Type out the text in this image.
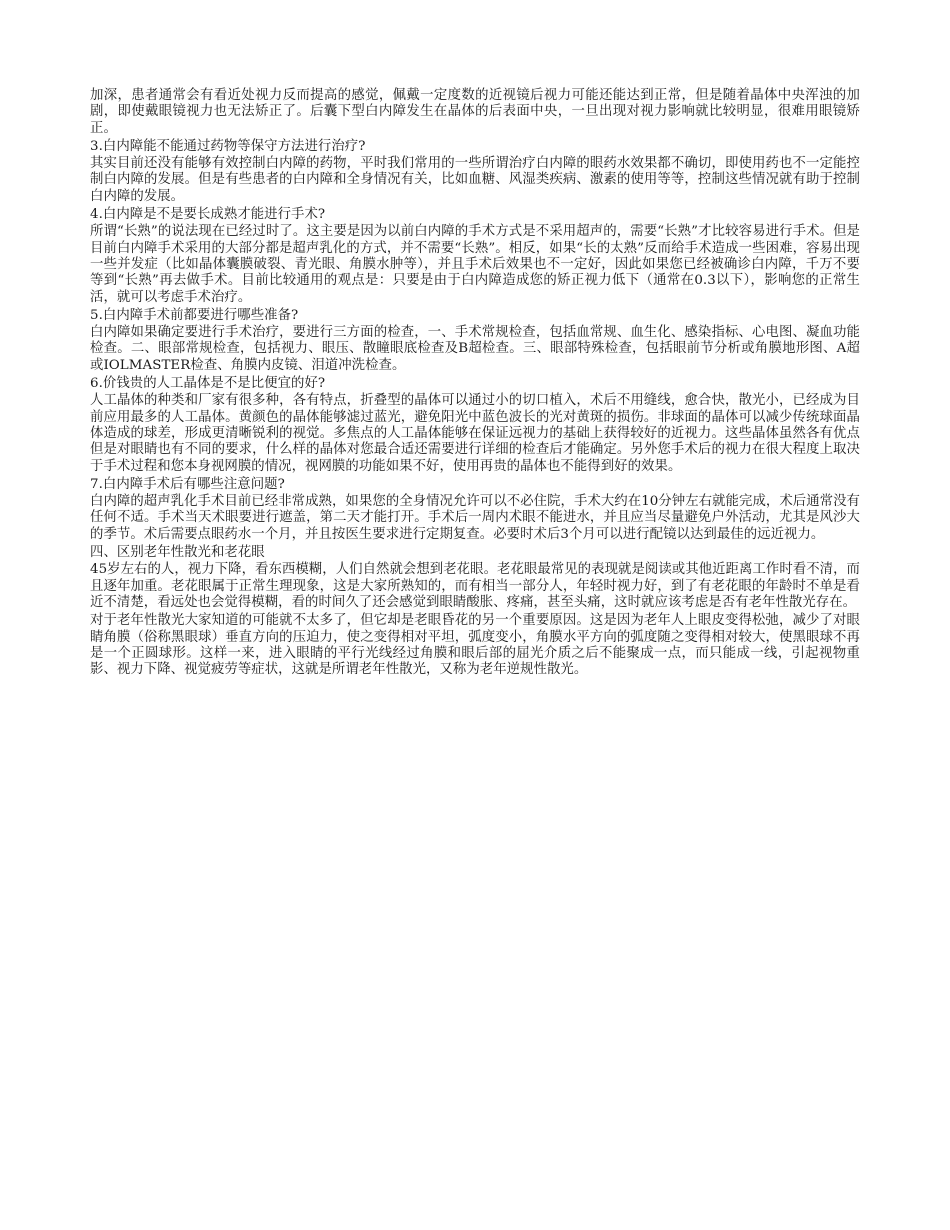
加深，患者通常会有看近处视力反而提高的感觉，佩戴一定度数的近视镜后视力可能还能达到正常，但是随着晶体中央浑浊的加剧，即使戴眼镜视力也无法矫正了。后囊下型白内障发生在晶体的后表面中央，一旦出现对视力影响就比较明显，很难用眼镜矫正。

3.白内障能不能通过药物等保守方法进行治疗?

其实目前还没有能够有效控制白内障的药物，平时我们常用的一些所谓治疗白内障的眼药水效果都不确切，即使用药也不一定能控制白内障的发展。但是有些患者的白内障和全身情况有关，比如血糖、风湿类疾病、激素的使用等等，控制这些情况就有助于控制白内障的发展。

4.白内障是不是要长成熟才能进行手术?

所谓“长熟”的说法现在已经过时了。这主要是因为以前白内障的手术方式是不采用超声的，需要“长熟”才比较容易进行手术。但是目前白内障手术采用的大部分都是超声乳化的方式，并不需要“长熟”。相反，如果“长的太熟”反而给手术造成一些困难，容易出现一些并发症（比如晶体囊膜破裂、青光眼、角膜水肿等），并且手术后效果也不一定好，因此如果您已经被确诊白内障，千万不要等到“长熟”再去做手术。目前比较通用的观点是：只要是由于白内障造成您的矫正视力低下（通常在0.3以下），影响您的正常生活，就可以考虑手术治疗。

5.白内障手术前都要进行哪些准备?

白内障如果确定要进行手术治疗，要进行三方面的检查，一、手术常规检查，包括血常规、血生化、感染指标、心电图、凝血功能检查。二、眼部常规检查，包括视力、眼压、散瞳眼底检查及B超检查。三、眼部特殊检查，包括眼前节分析或角膜地形图、A超或IOLMASTER检查、角膜内皮镜、泪道冲洗检查。

6.价钱贵的人工晶体是不是比便宜的好?

人工晶体的种类和厂家有很多种，各有特点，折叠型的晶体可以通过小的切口植入，术后不用缝线，愈合快，散光小，已经成为目前应用最多的人工晶体。黄颜色的晶体能够滤过蓝光，避免阳光中蓝色波长的光对黄斑的损伤。非球面的晶体可以减少传统球面晶体造成的球差，形成更清晰锐利的视觉。多焦点的人工晶体能够在保证远视力的基础上获得较好的近视力。这些晶体虽然各有优点但是对眼睛也有不同的要求，什么样的晶体对您最合适还需要进行详细的检查后才能确定。另外您手术后的视力在很大程度上取决于手术过程和您本身视网膜的情况，视网膜的功能如果不好，使用再贵的晶体也不能得到好的效果。

7.白内障手术后有哪些注意问题?

白内障的超声乳化手术目前已经非常成熟，如果您的全身情况允许可以不必住院，手术大约在10分钟左右就能完成，术后通常没有任何不适。手术当天术眼要进行遮盖，第二天才能打开。手术后一周内术眼不能进水，并且应当尽量避免户外活动，尤其是风沙大的季节。术后需要点眼药水一个月，并且按医生要求进行定期复查。必要时术后3个月可以进行配镜以达到最佳的远近视力。

四、区别老年性散光和老花眼

45岁左右的人，视力下降，看东西模糊，人们自然就会想到老花眼。老花眼最常见的表现就是阅读或其他近距离工作时看不清，而且逐年加重。老花眼属于正常生理现象，这是大家所熟知的，而有相当一部分人，年轻时视力好，到了有老花眼的年龄时不单是看近不清楚，看远处也会觉得模糊，看的时间久了还会感觉到眼睛酸胀、疼痛，甚至头痛，这时就应该考虑是否有老年性散光存在。

对于老年性散光大家知道的可能就不太多了，但它却是老眼昏花的另一个重要原因。这是因为老年人上眼皮变得松弛，减少了对眼睛角膜（俗称黑眼球）垂直方向的压迫力，使之变得相对平坦，弧度变小，角膜水平方向的弧度随之变得相对较大，使黑眼球不再是一个正圆球形。这样一来，进入眼睛的平行光线经过角膜和眼后部的屈光介质之后不能聚成一点，而只能成一线，引起视物重影、视力下降、视觉疲劳等症状，这就是所谓老年性散光，又称为老年逆规性散光。
